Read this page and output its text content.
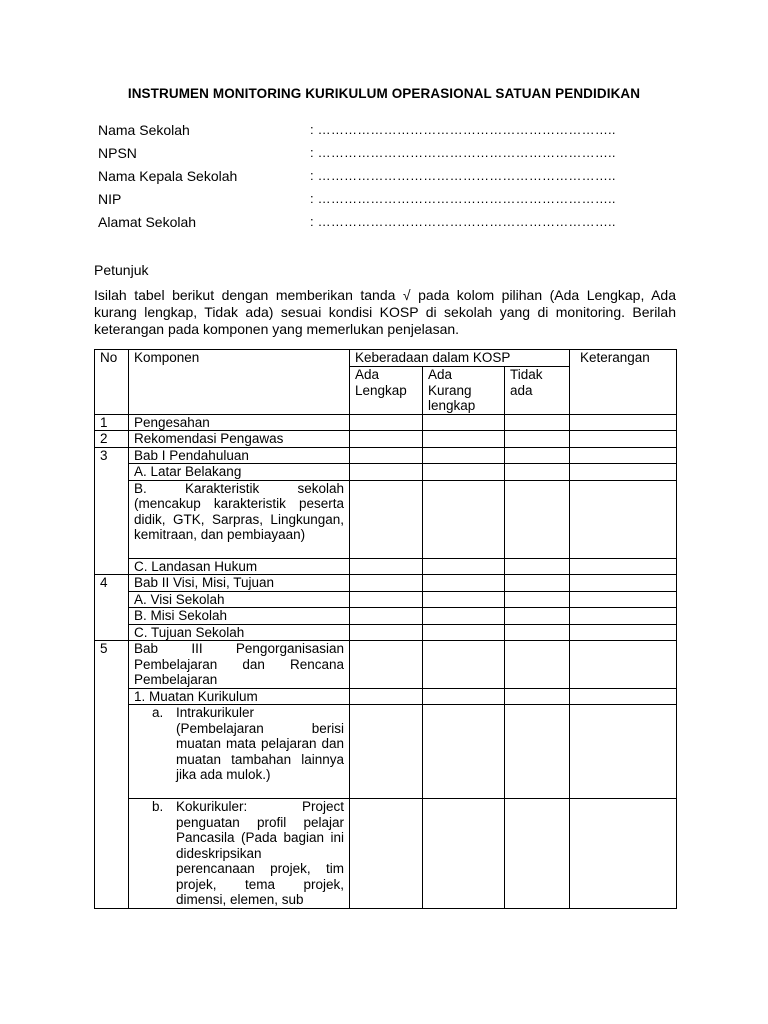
INSTRUMEN MONITORING KURIKULUM OPERASIONAL SATUAN PENDIDIKAN
Nama Sekolah	: …………………………………………………………..
NPSN	: …………………………………………………………..
Nama Kepala Sekolah	: …………………………………………………………..
NIP	: …………………………………………………………..
Alamat Sekolah	: …………………………………………………………..
Petunjuk
Isilah tabel berikut dengan memberikan tanda √ pada kolom pilihan (Ada Lengkap, Ada kurang lengkap, Tidak ada) sesuai kondisi KOSP di sekolah yang di monitoring. Berilah keterangan pada komponen yang memerlukan penjelasan.
No	Komponen	Keberadaan dalam KOSP			Keterangan
		Ada Lengkap	Ada Kurang lengkap	Tidak ada	
1	Pengesahan				
2	Rekomendasi Pengawas				
3	Bab I Pendahuluan				
	A. Latar Belakang				
	B. Karakteristik sekolah (mencakup karakteristik peserta didik, GTK, Sarpras, Lingkungan, kemitraan, dan pembiayaan)				
	C. Landasan Hukum				
4	Bab II Visi, Misi, Tujuan				
	A. Visi Sekolah				
	B. Misi Sekolah				
	C. Tujuan Sekolah				
5	Bab III Pengorganisasian Pembelajaran dan Rencana Pembelajaran				
	1. Muatan Kurikulum				

	a. Intrakurikuler (Pembelajaran berisi muatan mata pelajaran dan muatan tambahan lainnya jika ada mulok.)				

	b. Kokurikuler: Project penguatan profil pelajar Pancasila (Pada bagian ini dideskripsikan perencanaan projek, tim projek, tema projek, dimensi, elemen, sub				
